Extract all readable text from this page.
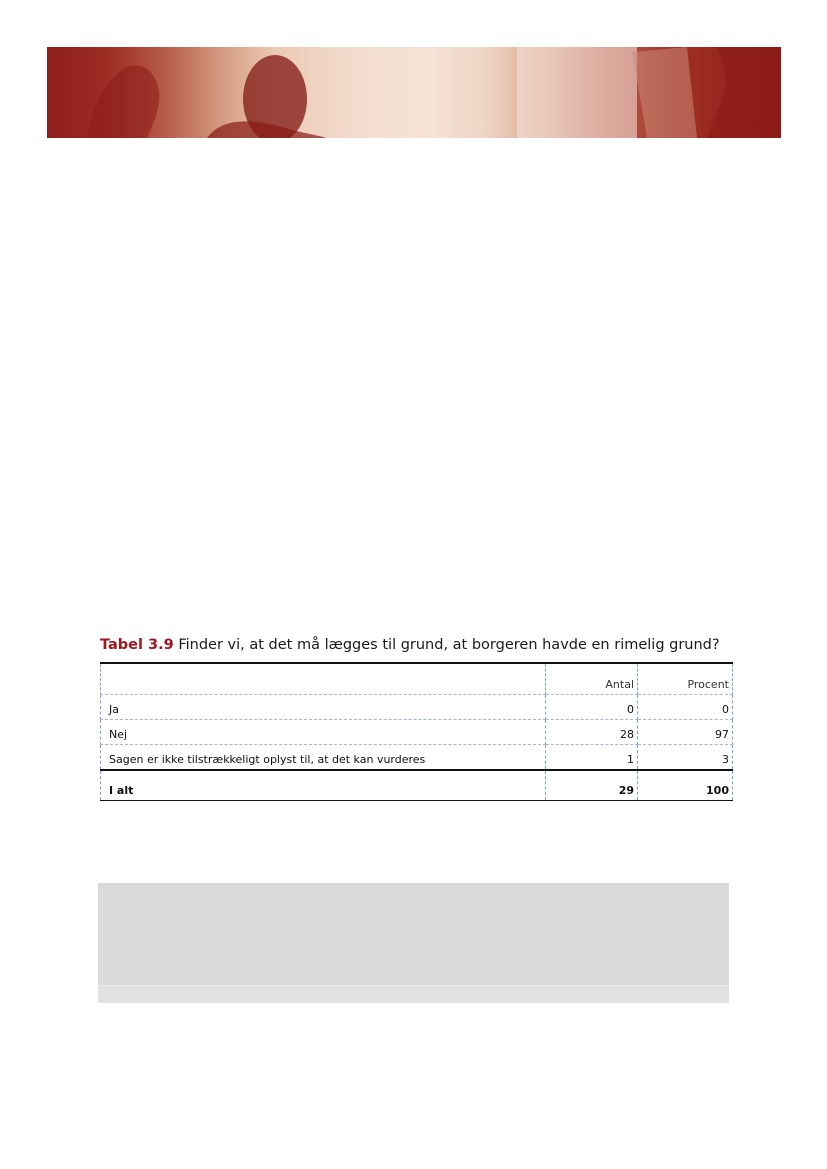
Tabel 3.9 Finder vi, at det må lægges til grund, at borgeren havde en rimelig grund?
	Antal	Procent
Ja	0	0
Nej	28	97
Sagen er ikke tilstrækkeligt oplyst til, at det kan vurderes	1	3
I alt	29	100
